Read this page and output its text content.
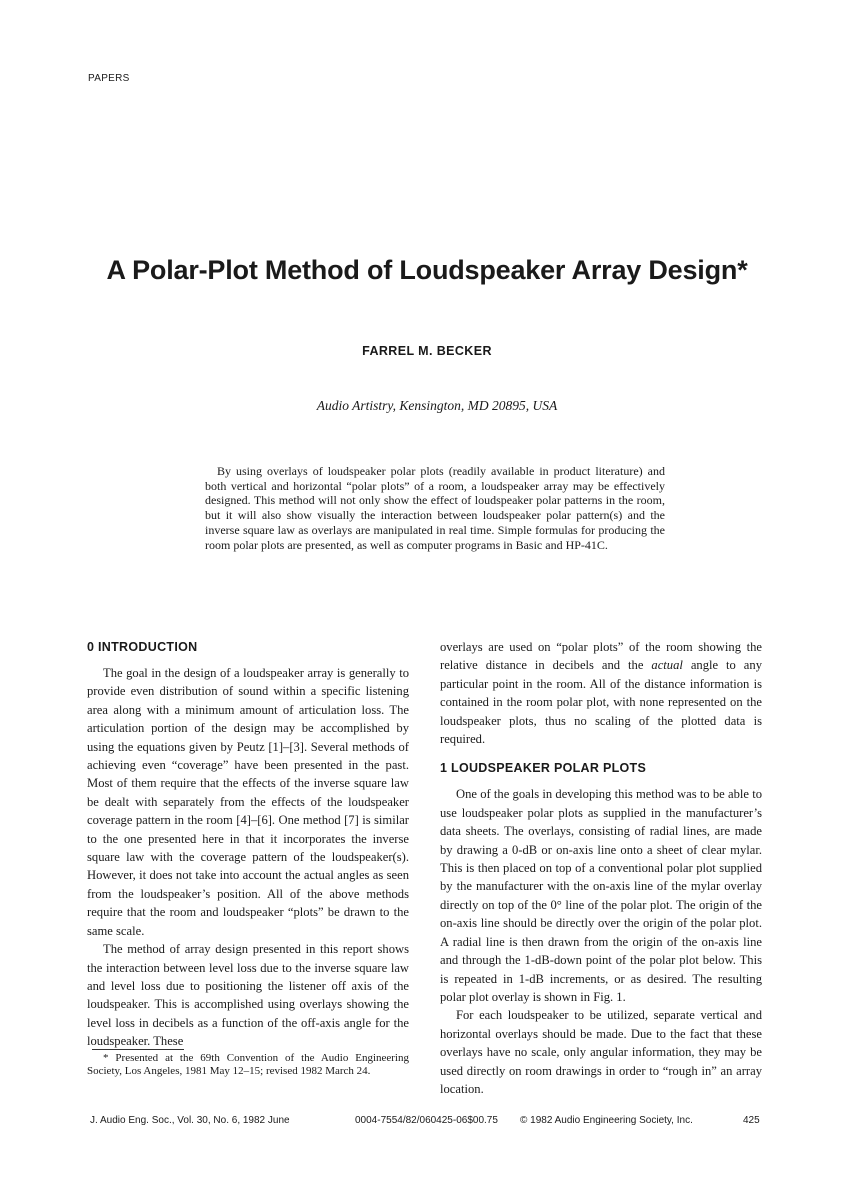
PAPERS
A Polar-Plot Method of Loudspeaker Array Design*
FARREL M. BECKER
Audio Artistry, Kensington, MD 20895, USA

By using overlays of loudspeaker polar plots (readily available in product literature) and both vertical and horizontal “polar plots” of a room, a loudspeaker array may be effectively designed. This method will not only show the effect of loudspeaker polar patterns in the room, but it will also show visually the interaction between loudspeaker polar pattern(s) and the inverse square law as overlays are manipulated in real time. Simple formulas for producing the room polar plots are presented, as well as computer programs in Basic and HP-41C.

0 INTRODUCTION

The goal in the design of a loudspeaker array is generally to provide even distribution of sound within a specific listening area along with a minimum amount of articulation loss. The articulation portion of the design may be accomplished by using the equations given by Peutz [1]–[3]. Several methods of achieving even “coverage” have been presented in the past. Most of them require that the effects of the inverse square law be dealt with separately from the effects of the loudspeaker coverage pattern in the room [4]–[6]. One method [7] is similar to the one presented here in that it incorporates the inverse square law with the coverage pattern of the loudspeaker(s). However, it does not take into account the actual angles as seen from the loudspeaker’s position. All of the above methods require that the room and loudspeaker “plots” be drawn to the same scale.

The method of array design presented in this report shows the interaction between level loss due to the inverse square law and level loss due to positioning the listener off axis of the loudspeaker. This is accomplished using overlays showing the level loss in decibels as a function of the off-axis angle for the loudspeaker. These

overlays are used on “polar plots” of the room showing the relative distance in decibels and the actual angle to any particular point in the room. All of the distance information is contained in the room polar plot, with none represented on the loudspeaker plots, thus no scaling of the plotted data is required.

1 LOUDSPEAKER POLAR PLOTS

One of the goals in developing this method was to be able to use loudspeaker polar plots as supplied in the manufacturer’s data sheets. The overlays, consisting of radial lines, are made by drawing a 0-dB or on-axis line onto a sheet of clear mylar. This is then placed on top of a conventional polar plot supplied by the manufacturer with the on-axis line of the mylar overlay directly on top of the 0° line of the polar plot. The origin of the on-axis line should be directly over the origin of the polar plot. A radial line is then drawn from the origin of the on-axis line and through the 1-dB-down point of the polar plot below. This is repeated in 1-dB increments, or as desired. The resulting polar plot overlay is shown in Fig. 1.

For each loudspeaker to be utilized, separate vertical and horizontal overlays should be made. Due to the fact that these overlays have no scale, only angular information, they may be used directly on room drawings in order to “rough in” an array location.

* Presented at the 69th Convention of the Audio Engineering Society, Los Angeles, 1981 May 12–15; revised 1982 March 24.

J. Audio Eng. Soc., Vol. 30, No. 6, 1982 June	0004-7554/82/060425-06$00.75 © 1982 Audio Engineering Society, Inc.	425
